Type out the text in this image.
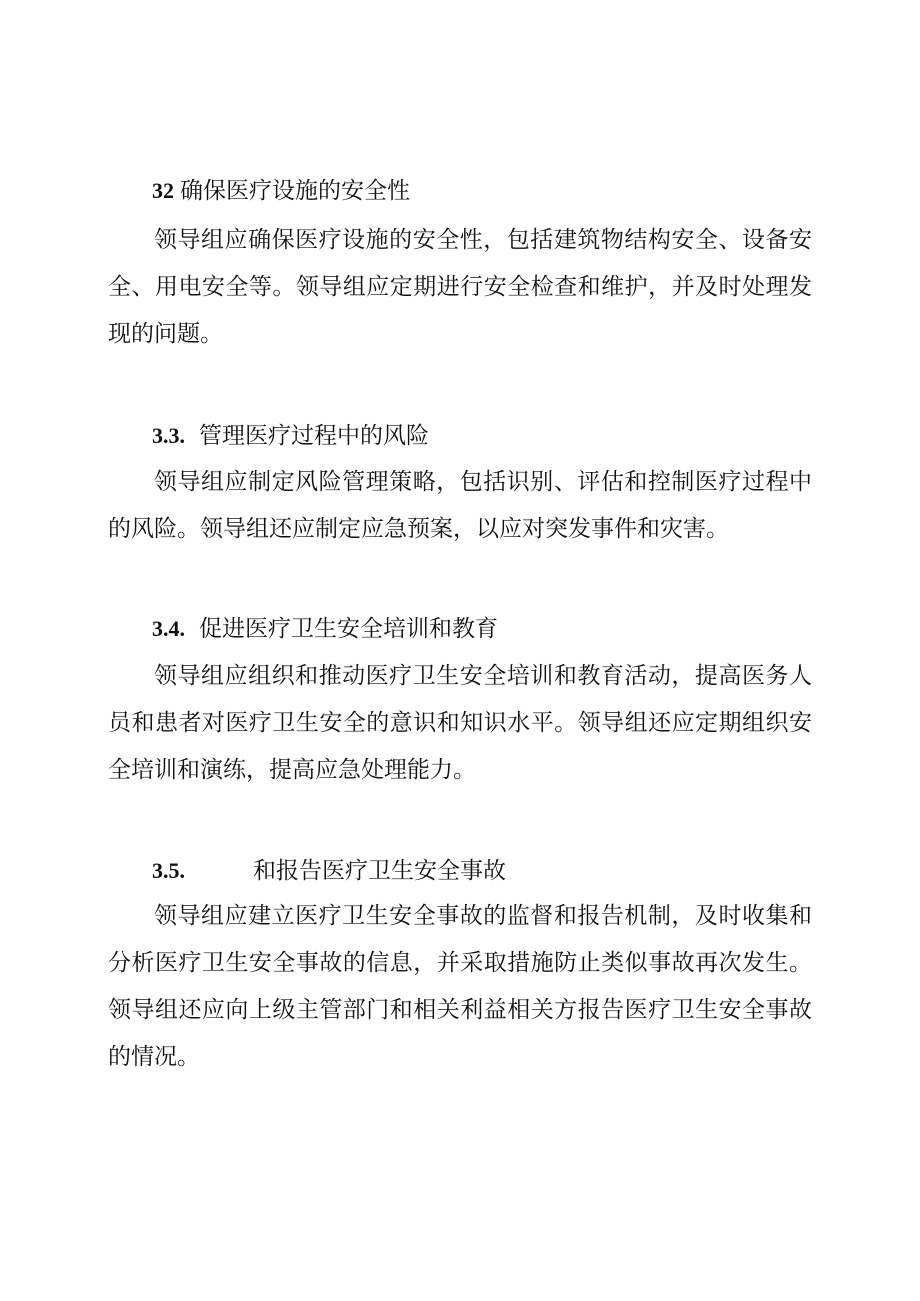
32 确保医疗设施的安全性
领导组应确保医疗设施的安全性，包括建筑物结构安全、设备安全、用电安全等。领导组应定期进行安全检查和维护，并及时处理发现的问题。
3.3. 管理医疗过程中的风险
领导组应制定风险管理策略，包括识别、评估和控制医疗过程中的风险。领导组还应制定应急预案，以应对突发事件和灾害。
3.4. 促进医疗卫生安全培训和教育
领导组应组织和推动医疗卫生安全培训和教育活动，提高医务人员和患者对医疗卫生安全的意识和知识水平。领导组还应定期组织安全培训和演练，提高应急处理能力。
3.5.	和报告医疗卫生安全事故
领导组应建立医疗卫生安全事故的监督和报告机制，及时收集和分析医疗卫生安全事故的信息，并采取措施防止类似事故再次发生。领导组还应向上级主管部门和相关利益相关方报告医疗卫生安全事故的情况。
